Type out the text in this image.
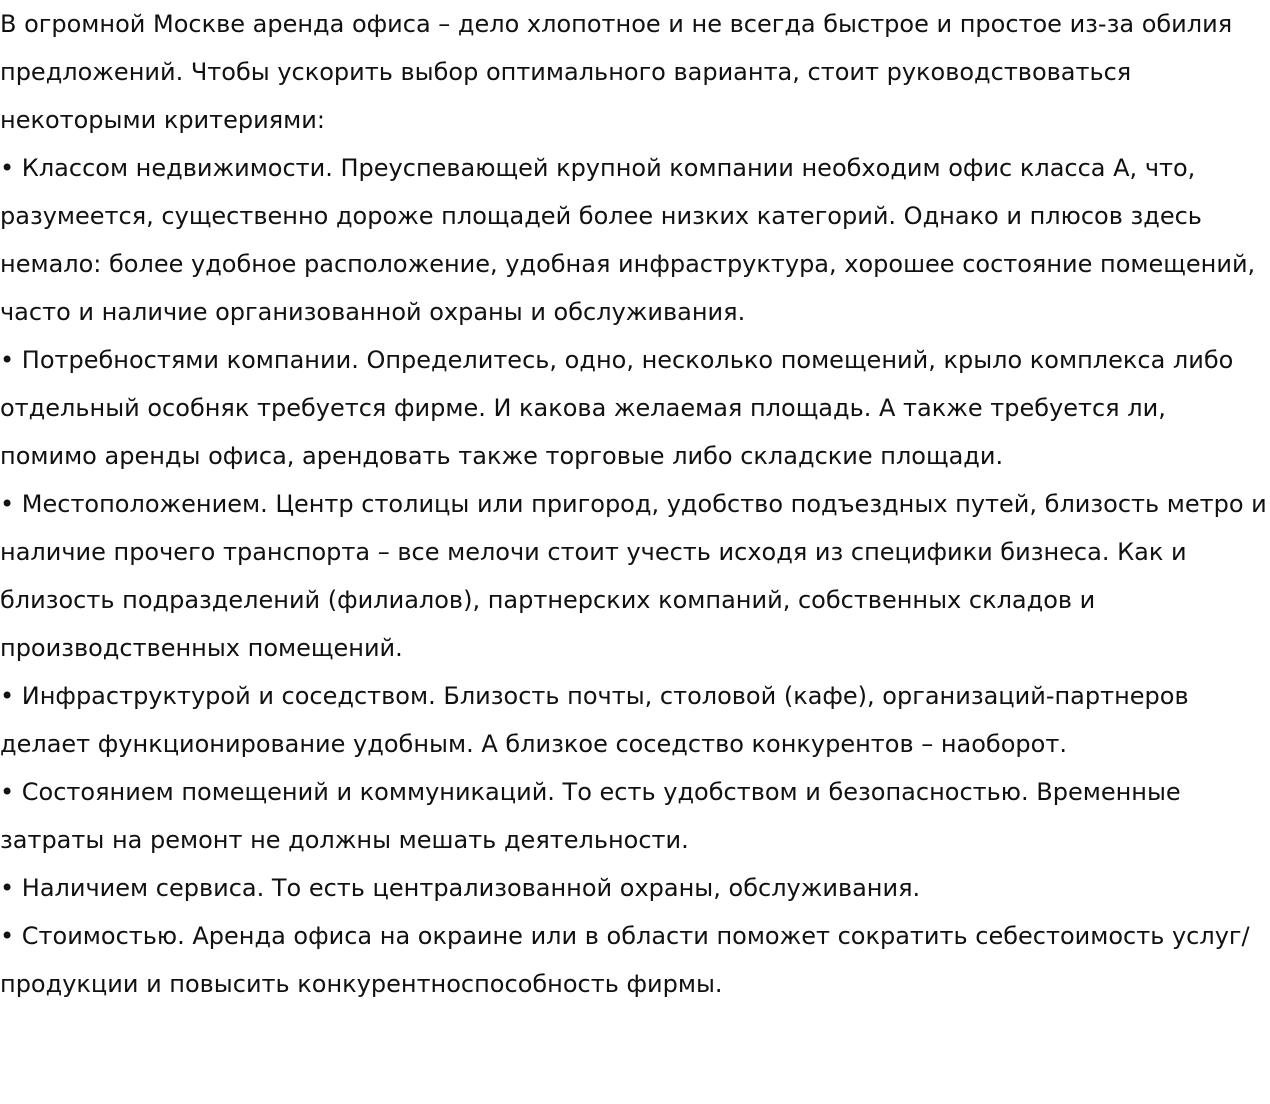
В огромной Москве аренда офиса – дело хлопотное и не всегда быстрое и простое из-за обилия предложений. Чтобы ускорить выбор оптимального варианта, стоит руководствоваться некоторыми критериями:

• Классом недвижимости. Преуспевающей крупной компании необходим офис класса А, что, разумеется, существенно дороже площадей более низких категорий. Однако и плюсов здесь немало: более удобное расположение, удобная инфраструктура, хорошее состояние помещений, часто и наличие организованной охраны и обслуживания.
• Потребностями компании. Определитесь, одно, несколько помещений, крыло комплекса либо отдельный особняк требуется фирме. И какова желаемая площадь. А также требуется ли, помимо аренды офиса, арендовать также торговые либо складские площади.
• Местоположением. Центр столицы или пригород, удобство подъездных путей, близость метро и наличие прочего транспорта – все мелочи стоит учесть исходя из специфики бизнеса. Как и близость подразделений (филиалов), партнерских компаний, собственных складов и производственных помещений.
• Инфраструктурой и соседством. Близость почты, столовой (кафе), организаций-партнеров делает функционирование удобным. А близкое соседство конкурентов – наоборот.
• Состоянием помещений и коммуникаций. То есть удобством и безопасностью. Временные затраты на ремонт не должны мешать деятельности.
• Наличием сервиса. То есть централизованной охраны, обслуживания.
• Стоимостью. Аренда офиса на окраине или в области поможет сократить себестоимость услуг/продукции и повысить конкурентноспособность фирмы.
